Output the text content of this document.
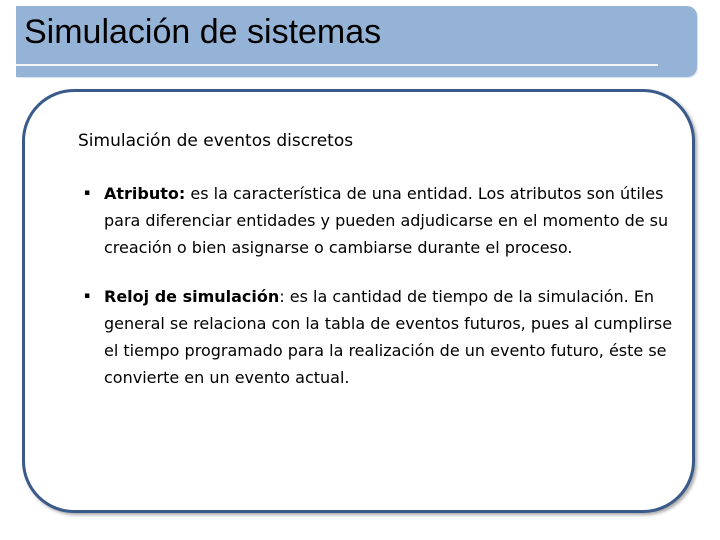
Simulación de sistemas
Simulación de eventos discretos
▪ Atributo: es la característica de una entidad. Los atributos son útiles para diferenciar entidades y pueden adjudicarse en el momento de su creación o bien asignarse o cambiarse durante el proceso.
▪ Reloj de simulación: es la cantidad de tiempo de la simulación. En general se relaciona con la tabla de eventos futuros, pues al cumplirse el tiempo programado para la realización de un evento futuro, éste se convierte en un evento actual.
